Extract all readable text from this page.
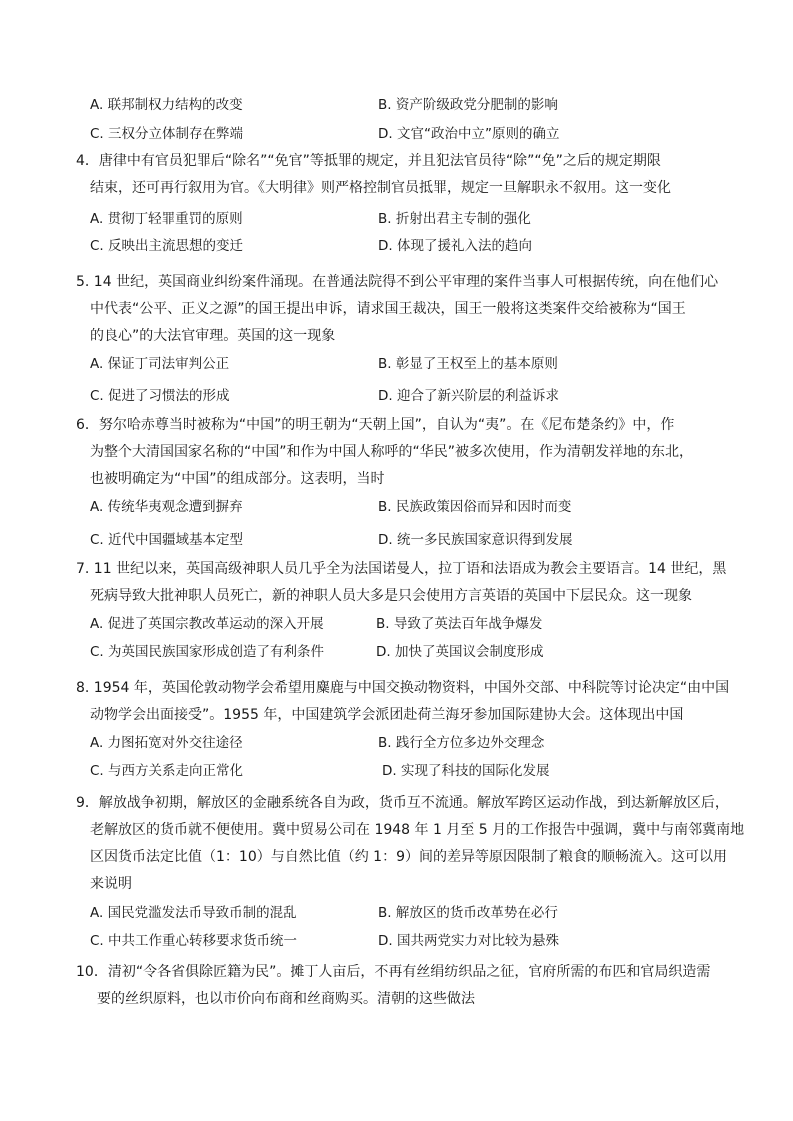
A. 联邦制权力结构的改变	B. 资产阶级政党分肥制的影响
C. 三权分立体制存在弊端	D. 文官“政治中立”原则的确立
4．唐律中有官员犯罪后“除名”“免官”等抵罪的规定，并且犯法官员待“除”“免”之后的规定期限
结束，还可再行叙用为官。《大明律》则严格控制官员抵罪，规定一旦解职永不叙用。这一变化
A. 贯彻丁轻罪重罚的原则	B. 折射出君主专制的强化
C. 反映出主流思想的变迁	D. 体现了援礼入法的趋向
5. 14 世纪，英国商业纠纷案件涌现。在普通法院得不到公平审理的案件当事人可根据传统，向在他们心
中代表“公平、正义之源”的国王提出申诉，请求国王裁决，国王一般将这类案件交给被称为“国王
的良心”的大法官审理。英国的这一现象
A. 保证丁司法审判公正	B. 彰显了王权至上的基本原则
C. 促进了习惯法的形成	D. 迎合了新兴阶层的利益诉求
6．努尔哈赤尊当时被称为“中国”的明王朝为“天朝上国”，自认为“夷”。在《尼布楚条约》中，作
为整个大清国国家名称的“中国”和作为中国人称呼的“华民”被多次使用，作为清朝发祥地的东北，
也被明确定为“中国”的组成部分。这表明，当时
A. 传统华夷观念遭到摒弃	B. 民族政策因俗而异和因时而变
C. 近代中国疆域基本定型	D. 统一多民族国家意识得到发展
7. 11 世纪以来，英国高级神职人员几乎全为法国诺曼人，拉丁语和法语成为教会主要语言。14 世纪，黑
死病导致大批神职人员死亡，新的神职人员大多是只会使用方言英语的英国中下层民众。这一现象
A. 促进了英国宗教改革运动的深入开展	B. 导致了英法百年战争爆发
C. 为英国民族国家形成创造了有利条件	D. 加快了英国议会制度形成
8. 1954 年，英国伦敦动物学会希望用麋鹿与中国交换动物资料，中国外交部、中科院等讨论决定“由中国
动物学会出面接受”。1955 年，中国建筑学会派团赴荷兰海牙参加国际建协大会。这体现出中国
A. 力图拓宽对外交往途径	B. 践行全方位多边外交理念
C. 与西方关系走向正常化	D. 实现了科技的国际化发展
9．解放战争初期，解放区的金融系统各自为政，货币互不流通。解放军跨区运动作战，到达新解放区后，
老解放区的货币就不便使用。冀中贸易公司在 1948 年 1 月至 5 月的工作报告中强调，冀中与南邻冀南地
区因货币法定比值（1：10）与自然比值（约 1：9）间的差异等原因限制了粮食的顺畅流入。这可以用
来说明
A. 国民党滥发法币导致币制的混乱	B. 解放区的货币改革势在必行
C. 中共工作重心转移要求货币统一	D. 国共两党实力对比较为悬殊
10．清初“令各省俱除匠籍为民”。摊丁人亩后，不再有丝绢纺织品之征，官府所需的布匹和官局织造需
要的丝织原料，也以市价向布商和丝商购买。清朝的这些做法
